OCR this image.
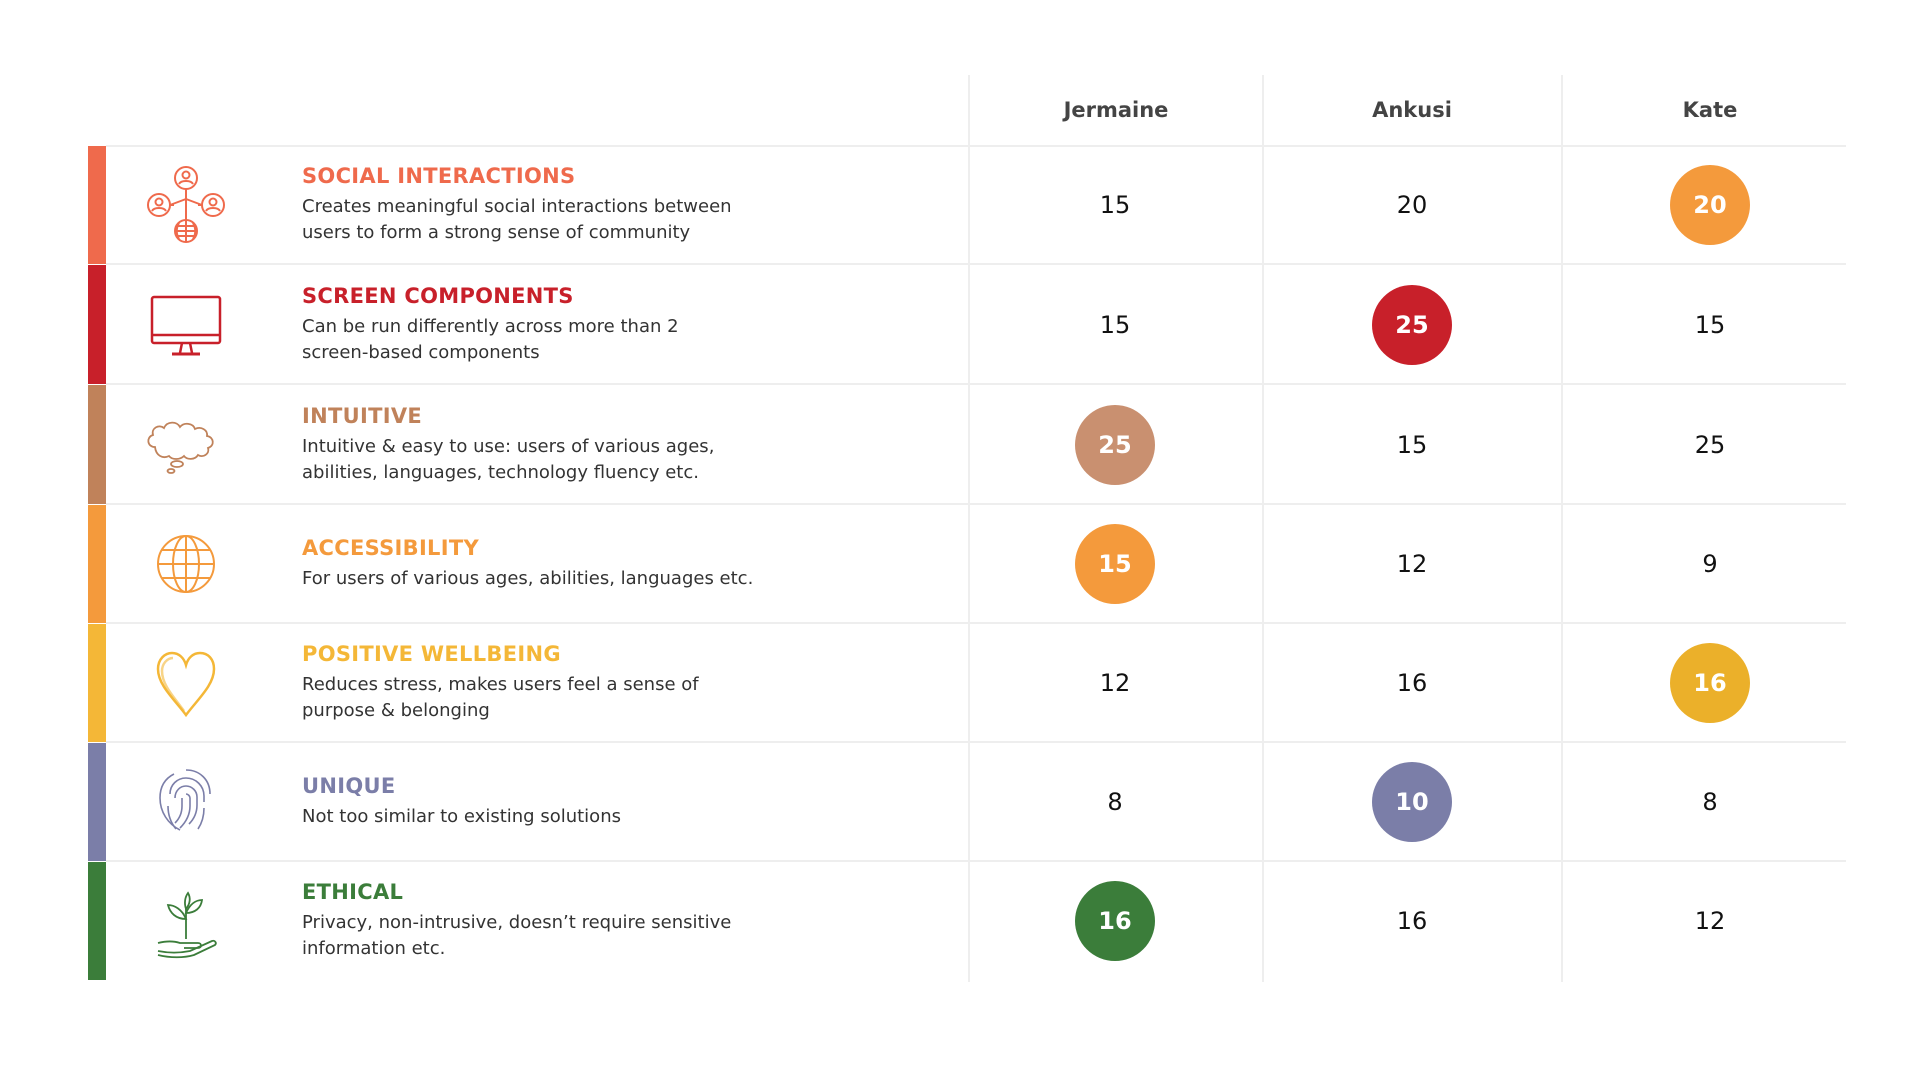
Jermaine	Ankusi	Kate
SOCIAL INTERACTIONS
Creates meaningful social interactions between
users to form a strong sense of community
15	20	20
SCREEN COMPONENTS
Can be run differently across more than 2
screen-based components
15	25	15
INTUITIVE
Intuitive & easy to use: users of various ages,
abilities, languages, technology fluency etc.
25	15	25
ACCESSIBILITY
For users of various ages, abilities, languages etc.
15	12	9
POSITIVE WELLBEING
Reduces stress, makes users feel a sense of
purpose & belonging
12	16	16
UNIQUE
Not too similar to existing solutions
8	10	8
ETHICAL
Privacy, non-intrusive, doesn’t require sensitive
information etc.
16	16	12
